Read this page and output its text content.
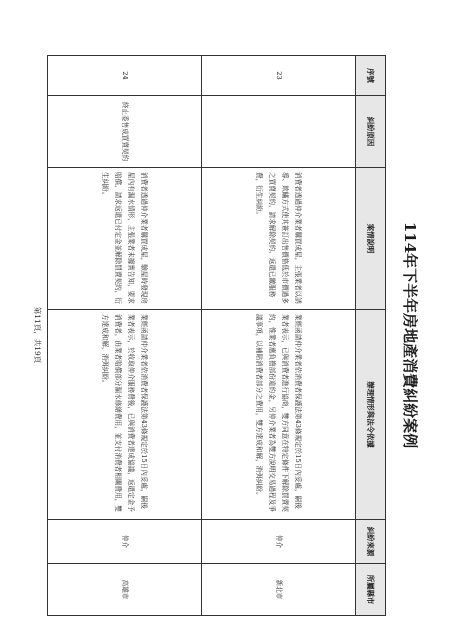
114年下半年房地產消費糾紛案例
序號	糾紛原因	案情說明	辦理情形與法令依據	糾紛來源	所屬縣市
23		消費者透過仲介業者購買成屋，主張業者以誘導、欺瞞方式使其簽訂出售價格低於市價過多之買賣契約，請求解除契約、返還已繳服務費，衍生糾紛。	業經函請仲介業者依消費者保護法第43條規定於15日內妥處，嗣後業者表示，已與消費者進行協商，雙方同意在特定條件下解除買賣契約，惟業者應負擔部份違約金，另仲介業者為雙方說明交易過程及爭議事項，以補貼消費者部分之費用，雙方達成和解，消弭糾紛。	仲介	新北市
24	終止委售成買賣契約	消費者透過仲介業者購買成屋，驗屋時發現房屋內有漏水情形，主張業者未據實告知，要求賠償，請求返還已付定金並解除買賣契約，衍生糾紛。	業經函請仲介業者依消費者保護法第43條規定於15日內妥處，嗣後業者表示，於收取仲介服務費後，已與消費者達成協議，返還定金予消費者，由業者賠償部分漏水修繕費用，並支付消費者相關費用，雙方達成和解，消弭糾紛。	仲介	高雄市
第11頁，共19頁
